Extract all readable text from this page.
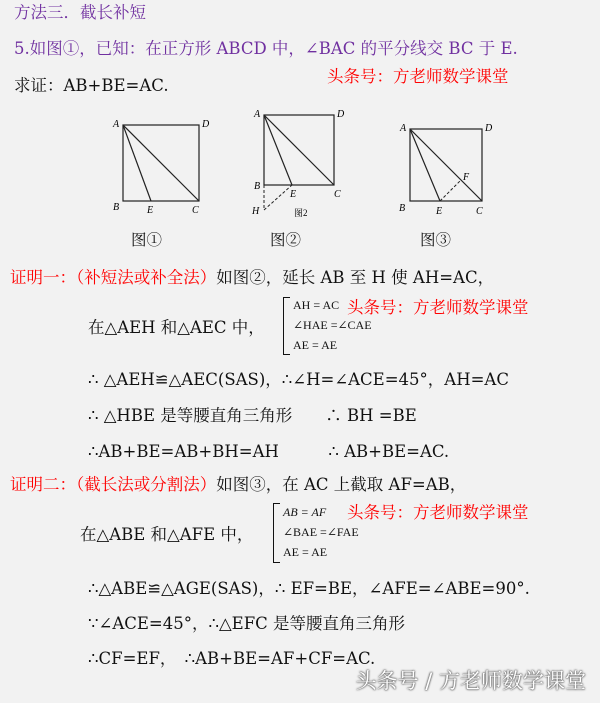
方法三．截长补短
5.如图①，已知：在正方形 ABCD 中，∠BAC 的平分线交 BC 于 E.
求证：AB+BE=AC.	头条号：方老师数学课堂
A	D
B	E	C
图①
A	D
B
E	C
H	图2
图②
A	D
F
B	E	C
图③
证明一：（补短法或补全法）如图②，延长 AB 至 H 使 AH=AC，
在△AEH 和△AEC 中，
AH = AC
∠HAE =∠CAE
AE = AE
头条号：方老师数学课堂
∴ △AEH≌△AEC(SAS)，∴∠H=∠ACE=45°，AH=AC
∴ △HBE 是等腰直角三角形　　∴ BH =BE
∴AB+BE=AB+BH=AH　　　∴ AB+BE=AC.
证明二：（截长法或分割法）如图③，在 AC 上截取 AF=AB，
在△ABE 和△AFE 中，
AB = AF
∠BAE =∠FAE
AE = AE
头条号：方老师数学课堂
∴△ABE≌△AGE(SAS)，∴ EF=BE，∠AFE=∠ABE=90°.
∵∠ACE=45°，∴△EFC 是等腰直角三角形
∴CF=EF，　∴AB+BE=AF+CF=AC.
头条号 / 方老师数学课堂
